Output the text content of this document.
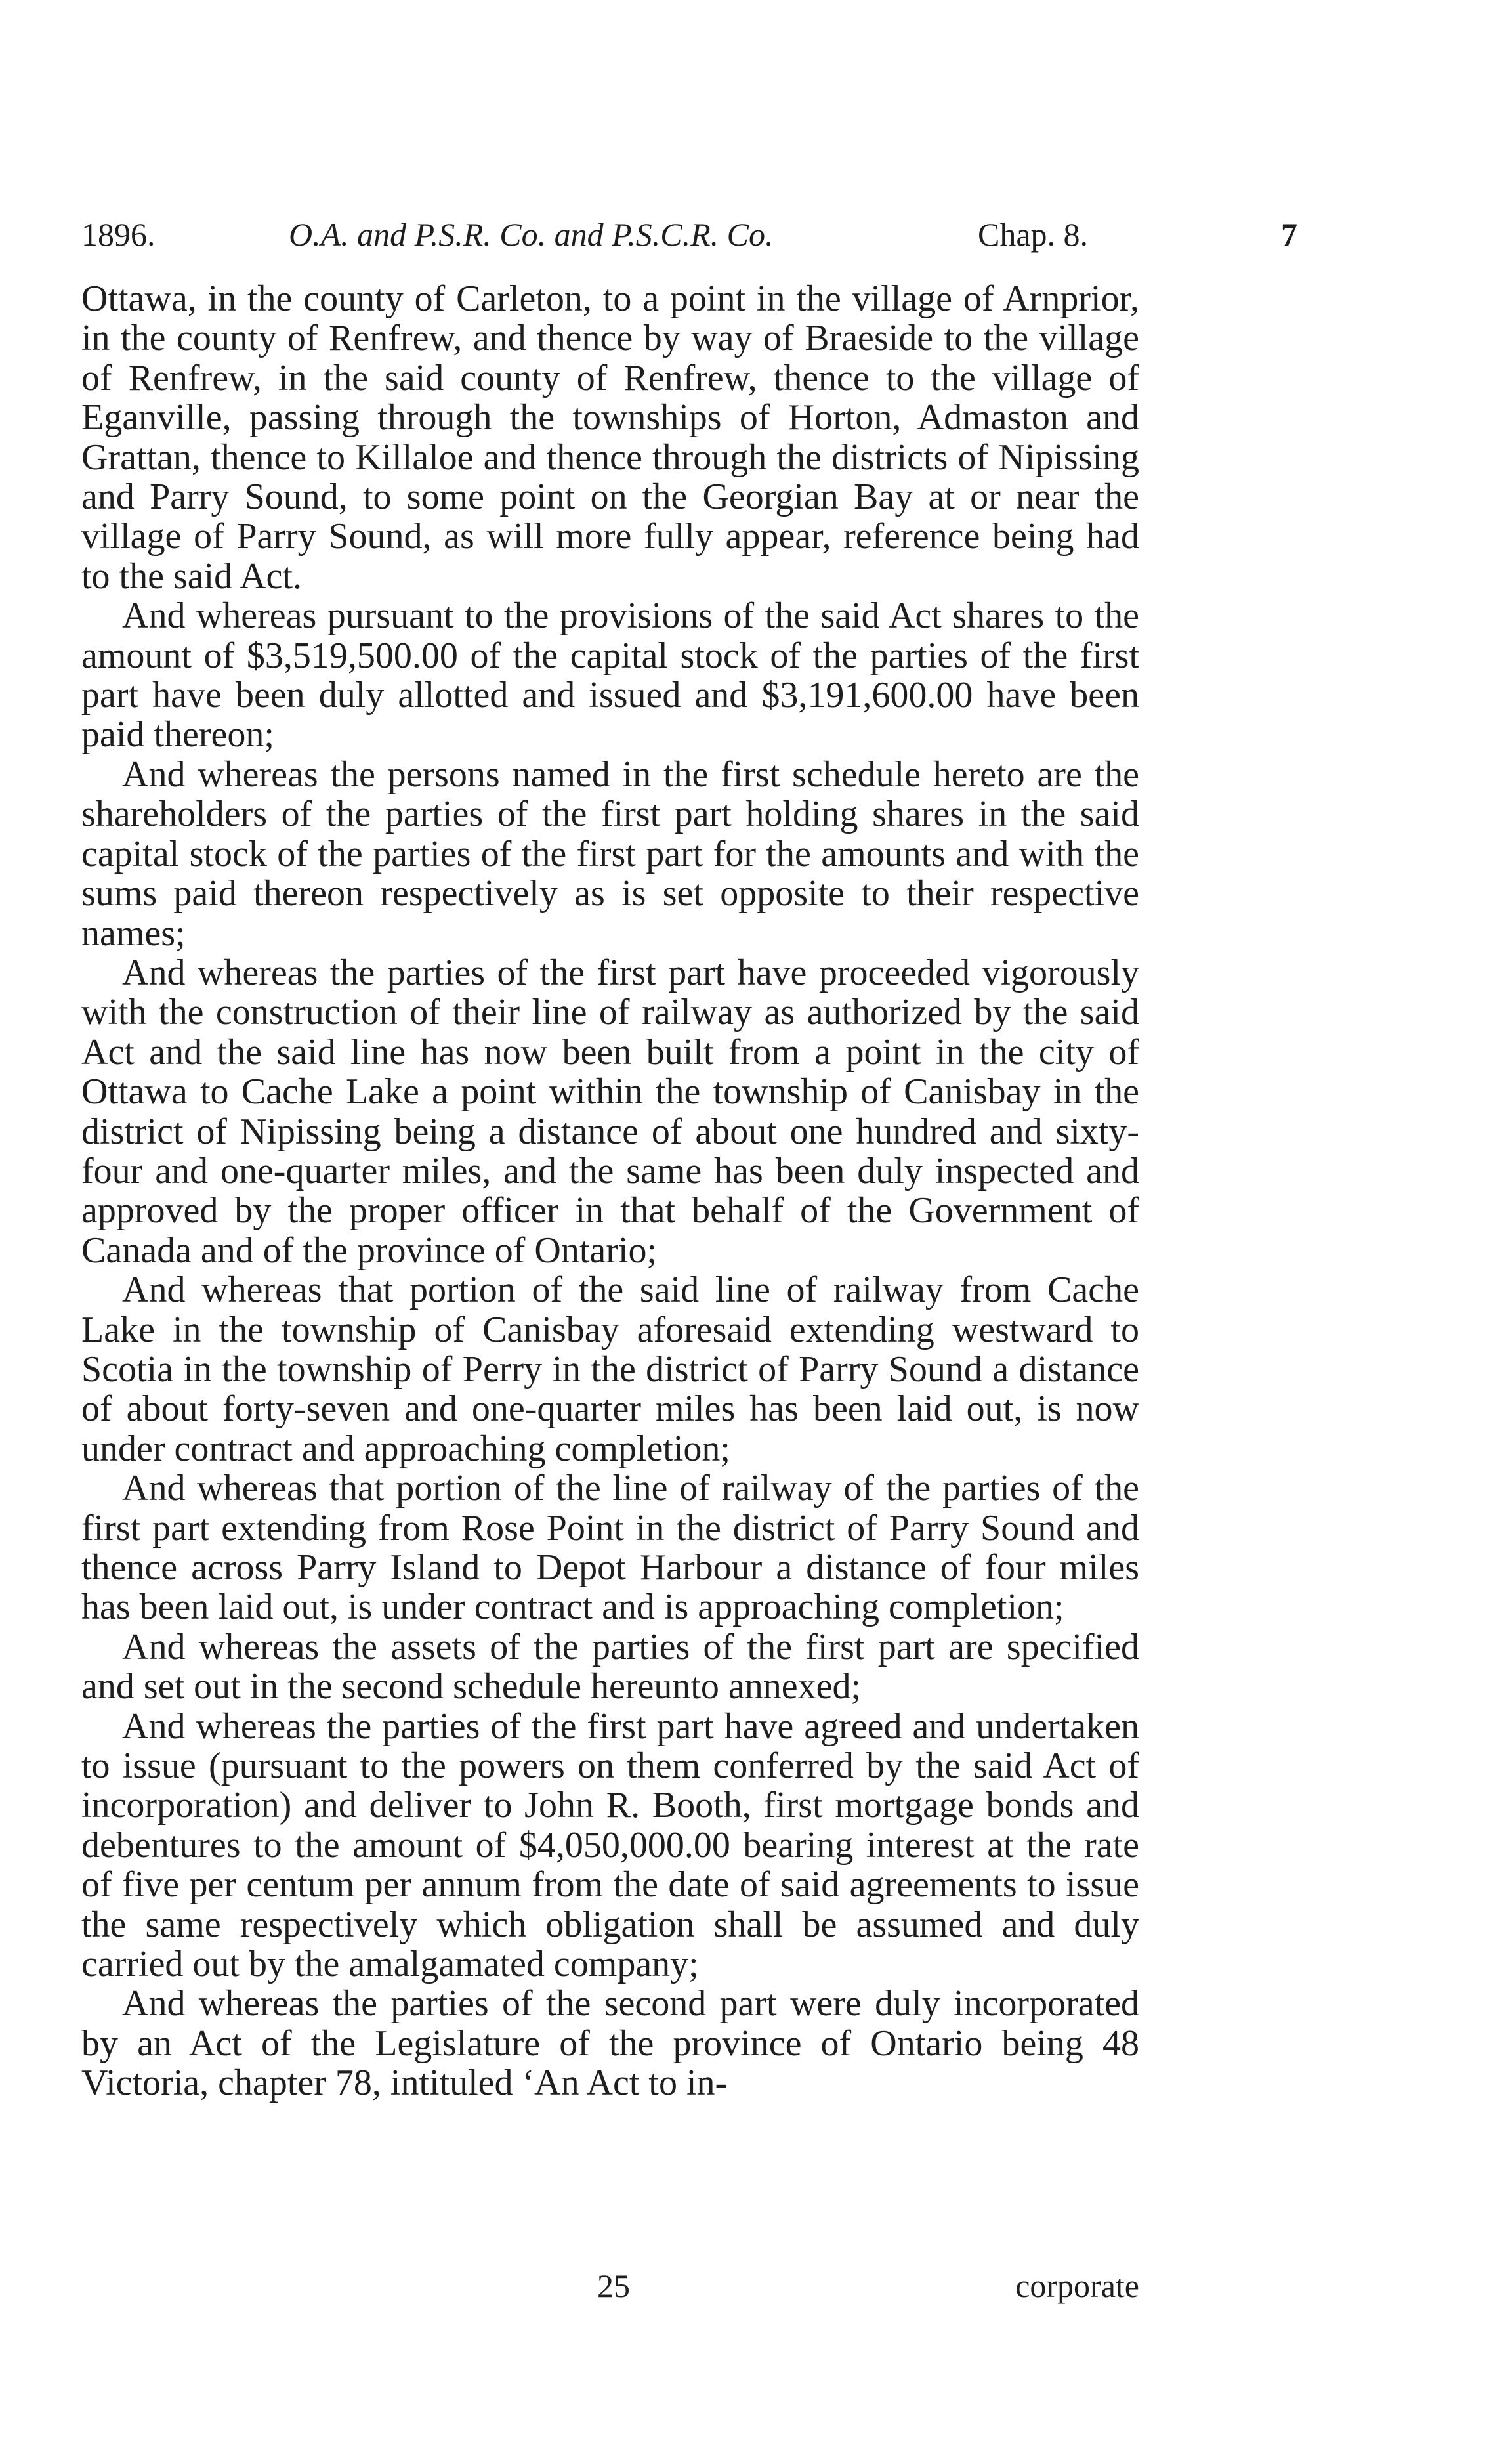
1896.	O.A. and P.S.R. Co. and P.S.C.R. Co.	Chap. 8.	7

Ottawa, in the county of Carleton, to a point in the village of Arnprior, in the county of Renfrew, and thence by way of Braeside to the village of Renfrew, in the said county of Renfrew, thence to the village of Eganville, passing through the townships of Horton, Admaston and Grattan, thence to Killaloe and thence through the districts of Nipissing and Parry Sound, to some point on the Georgian Bay at or near the village of Parry Sound, as will more fully appear, reference being had to the said Act.

And whereas pursuant to the provisions of the said Act shares to the amount of $3,519,500.00 of the capital stock of the parties of the first part have been duly allotted and issued and $3,191,600.00 have been paid thereon;

And whereas the persons named in the first schedule hereto are the shareholders of the parties of the first part holding shares in the said capital stock of the parties of the first part for the amounts and with the sums paid thereon respectively as is set opposite to their respective names;

And whereas the parties of the first part have proceeded vigorously with the construction of their line of railway as authorized by the said Act and the said line has now been built from a point in the city of Ottawa to Cache Lake a point within the township of Canisbay in the district of Nipissing being a distance of about one hundred and sixty-four and one-quarter miles, and the same has been duly inspected and approved by the proper officer in that behalf of the Government of Canada and of the province of Ontario;

And whereas that portion of the said line of railway from Cache Lake in the township of Canisbay aforesaid extending westward to Scotia in the township of Perry in the district of Parry Sound a distance of about forty-seven and one-quarter miles has been laid out, is now under contract and approaching completion;

And whereas that portion of the line of railway of the parties of the first part extending from Rose Point in the district of Parry Sound and thence across Parry Island to Depot Harbour a distance of four miles has been laid out, is under contract and is approaching completion;

And whereas the assets of the parties of the first part are specified and set out in the second schedule hereunto annexed;

And whereas the parties of the first part have agreed and undertaken to issue (pursuant to the powers on them conferred by the said Act of incorporation) and deliver to John R. Booth, first mortgage bonds and debentures to the amount of $4,050,000.00 bearing interest at the rate of five per centum per annum from the date of said agreements to issue the same respectively which obligation shall be assumed and duly carried out by the amalgamated company;

And whereas the parties of the second part were duly incorporated by an Act of the Legislature of the province of Ontario being 48 Victoria, chapter 78, intituled ‘An Act to in-

25	corporate
